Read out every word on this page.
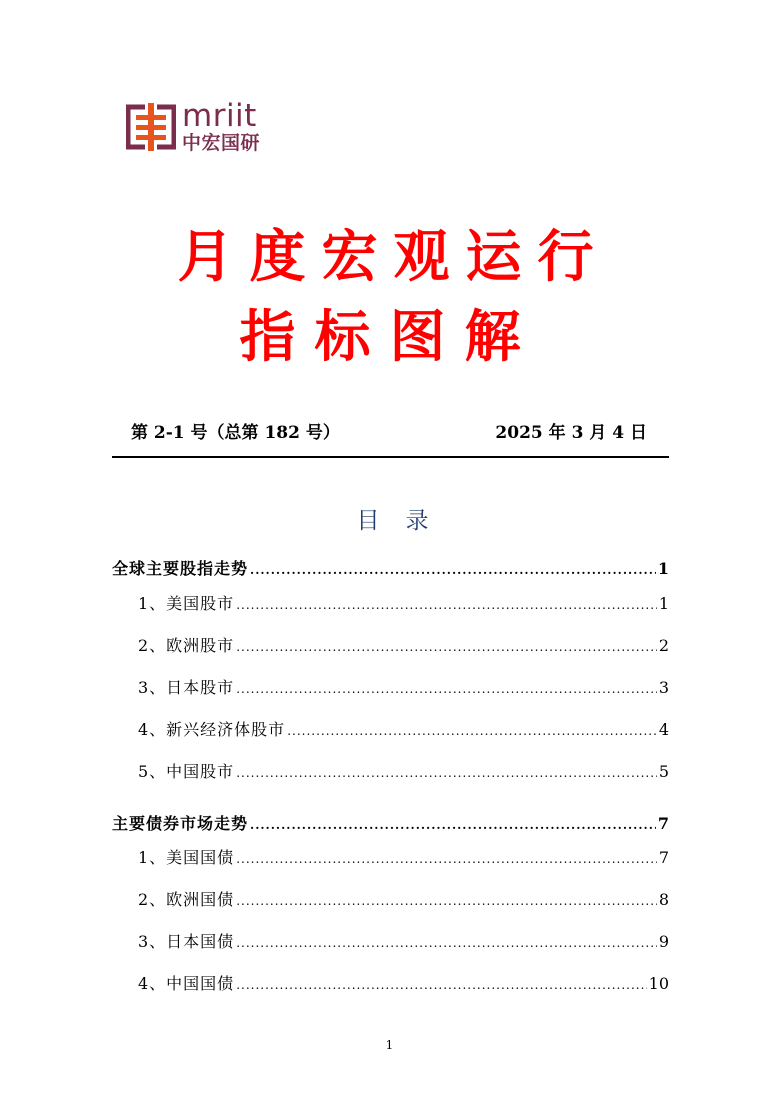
mriit
中宏国研
月度宏观运行
指标图解
第 2-1 号（总第 182 号）	2025 年 3 月 4 日
目录
全球主要股指走势 .....	1
1、美国股市 .....	1
2、欧洲股市 .....	2
3、日本股市 .....	3
4、新兴经济体股市 .....	4
5、中国股市 .....	5
主要债券市场走势 .....	7
1、美国国债 .....	7
2、欧洲国债 .....	8
3、日本国债 .....	9
4、中国国债 .....	10
1
